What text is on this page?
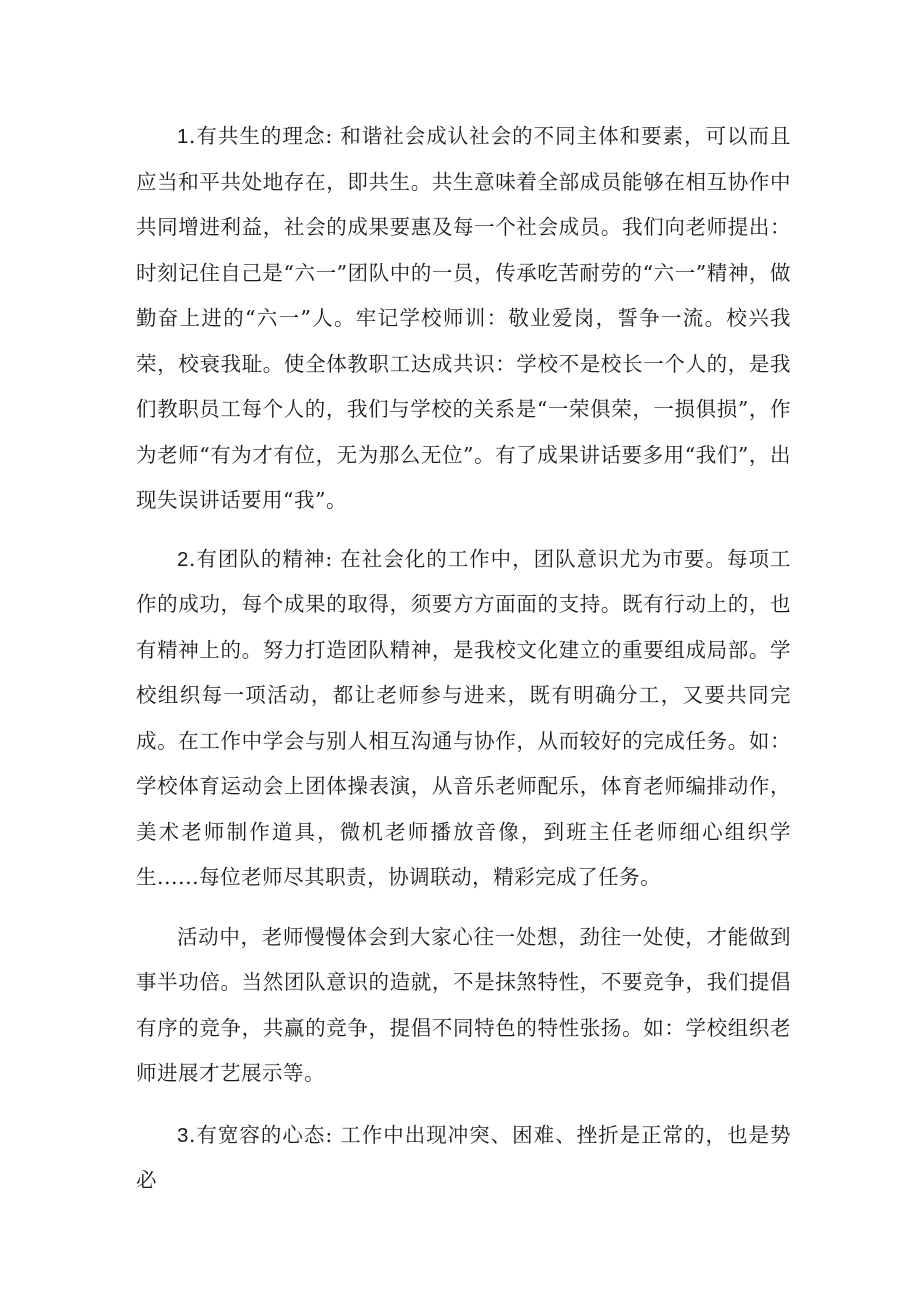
1.有共生的理念: 和谐社会成认社会的不同主体和要素，可以而且应当和平共处地存在，即共生。共生意味着全部成员能够在相互协作中共同增进利益，社会的成果要惠及每一个社会成员。我们向老师提出：时刻记住自己是“六一”团队中的一员，传承吃苦耐劳的“六一”精神，做勤奋上进的“六一”人。牢记学校师训：敬业爱岗，誓争一流。校兴我荣，校衰我耻。使全体教职工达成共识：学校不是校长一个人的，是我们教职员工每个人的，我们与学校的关系是“一荣俱荣，一损俱损”，作为老师“有为才有位，无为那么无位”。有了成果讲话要多用“我们”，出现失误讲话要用“我”。

2.有团队的精神: 在社会化的工作中，团队意识尤为市要。每项工作的成功，每个成果的取得，须要方方面面的支持。既有行动上的，也有精神上的。努力打造团队精神，是我校文化建立的重要组成局部。学校组织每一项活动，都让老师参与进来，既有明确分工，又要共同完成。在工作中学会与别人相互沟通与协作，从而较好的完成任务。如：学校体育运动会上团体操表演，从音乐老师配乐，体育老师编排动作，美术老师制作道具，微机老师播放音像，到班主任老师细心组织学生......每位老师尽其职责，协调联动，精彩完成了任务。

活动中，老师慢慢体会到大家心往一处想，劲往一处使，才能做到事半功倍。当然团队意识的造就，不是抹煞特性，不要竞争，我们提倡有序的竞争，共赢的竞争，提倡不同特色的特性张扬。如：学校组织老师进展才艺展示等。

3.有宽容的心态: 工作中出现冲突、困难、挫折是正常的，也是势必
